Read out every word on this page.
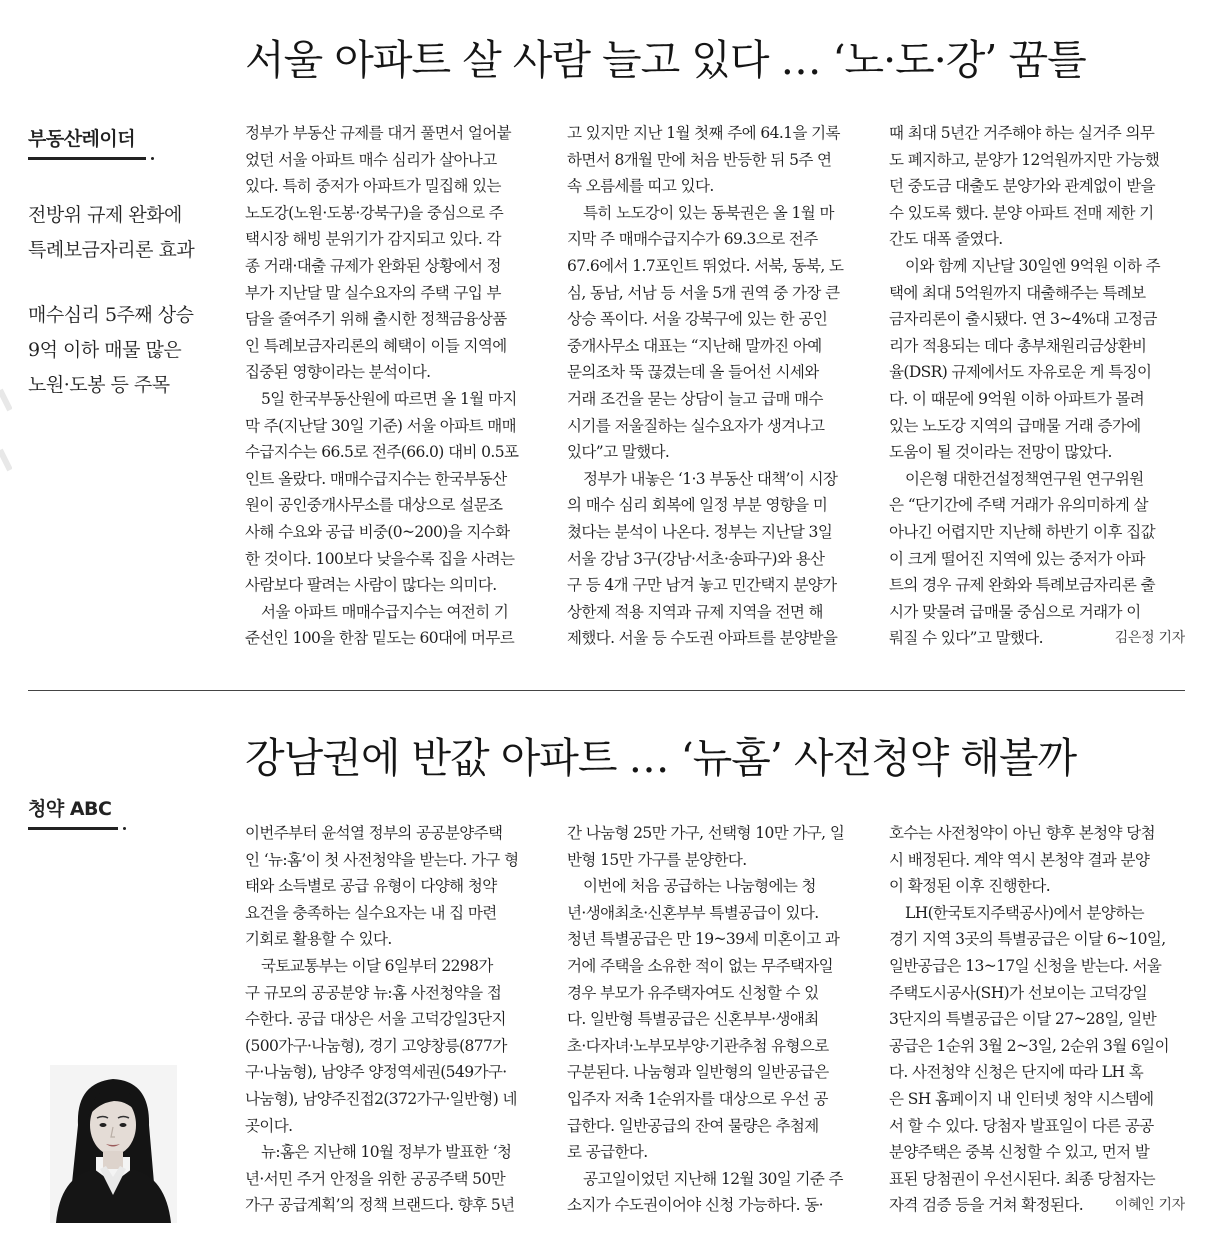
서울 아파트 살 사람 늘고 있다 … ‘노·도·강’ 꿈틀
부동산레이더
전방위 규제 완화에
특례보금자리론 효과
매수심리 5주째 상승
9억 이하 매물 많은
노원·도봉 등 주목
정부가 부동산 규제를 대거 풀면서 얼어붙
었던 서울 아파트 매수 심리가 살아나고
있다. 특히 중저가 아파트가 밀집해 있는
노도강(노원·도봉·강북구)을 중심으로 주
택시장 해빙 분위기가 감지되고 있다. 각
종 거래·대출 규제가 완화된 상황에서 정
부가 지난달 말 실수요자의 주택 구입 부
담을 줄여주기 위해 출시한 정책금융상품
인 특례보금자리론의 혜택이 이들 지역에
집중된 영향이라는 분석이다.
5일 한국부동산원에 따르면 올 1월 마지
막 주(지난달 30일 기준) 서울 아파트 매매
수급지수는 66.5로 전주(66.0) 대비 0.5포
인트 올랐다. 매매수급지수는 한국부동산
원이 공인중개사무소를 대상으로 설문조
사해 수요와 공급 비중(0~200)을 지수화
한 것이다. 100보다 낮을수록 집을 사려는
사람보다 팔려는 사람이 많다는 의미다.
서울 아파트 매매수급지수는 여전히 기
준선인 100을 한참 밑도는 60대에 머무르
고 있지만 지난 1월 첫째 주에 64.1을 기록
하면서 8개월 만에 처음 반등한 뒤 5주 연
속 오름세를 띠고 있다.
특히 노도강이 있는 동북권은 올 1월 마
지막 주 매매수급지수가 69.3으로 전주
67.6에서 1.7포인트 뛰었다. 서북, 동북, 도
심, 동남, 서남 등 서울 5개 권역 중 가장 큰
상승 폭이다. 서울 강북구에 있는 한 공인
중개사무소 대표는 “지난해 말까진 아예
문의조차 뚝 끊겼는데 올 들어선 시세와
거래 조건을 묻는 상담이 늘고 급매 매수
시기를 저울질하는 실수요자가 생겨나고
있다”고 말했다.
정부가 내놓은 ‘1·3 부동산 대책’이 시장
의 매수 심리 회복에 일정 부분 영향을 미
쳤다는 분석이 나온다. 정부는 지난달 3일
서울 강남 3구(강남·서초·송파구)와 용산
구 등 4개 구만 남겨 놓고 민간택지 분양가
상한제 적용 지역과 규제 지역을 전면 해
제했다. 서울 등 수도권 아파트를 분양받을
때 최대 5년간 거주해야 하는 실거주 의무
도 폐지하고, 분양가 12억원까지만 가능했
던 중도금 대출도 분양가와 관계없이 받을
수 있도록 했다. 분양 아파트 전매 제한 기
간도 대폭 줄였다.
이와 함께 지난달 30일엔 9억원 이하 주
택에 최대 5억원까지 대출해주는 특례보
금자리론이 출시됐다. 연 3~4%대 고정금
리가 적용되는 데다 총부채원리금상환비
율(DSR) 규제에서도 자유로운 게 특징이
다. 이 때문에 9억원 이하 아파트가 몰려
있는 노도강 지역의 급매물 거래 증가에
도움이 될 것이라는 전망이 많았다.
이은형 대한건설정책연구원 연구위원
은 “단기간에 주택 거래가 유의미하게 살
아나긴 어렵지만 지난해 하반기 이후 집값
이 크게 떨어진 지역에 있는 중저가 아파
트의 경우 규제 완화와 특례보금자리론 출
시가 맞물려 급매물 중심으로 거래가 이
뤄질 수 있다”고 말했다.	김은정 기자
강남권에 반값 아파트 … ‘뉴홈’ 사전청약 해볼까
청약 ABC
이번주부터 윤석열 정부의 공공분양주택
인 ‘뉴:홈’이 첫 사전청약을 받는다. 가구 형
태와 소득별로 공급 유형이 다양해 청약
요건을 충족하는 실수요자는 내 집 마련
기회로 활용할 수 있다.
국토교통부는 이달 6일부터 2298가
구 규모의 공공분양 뉴:홈 사전청약을 접
수한다. 공급 대상은 서울 고덕강일3단지
(500가구·나눔형), 경기 고양창릉(877가
구·나눔형), 남양주 양정역세권(549가구·
나눔형), 남양주진접2(372가구·일반형) 네
곳이다.
뉴:홈은 지난해 10월 정부가 발표한 ‘청
년·서민 주거 안정을 위한 공공주택 50만
가구 공급계획’의 정책 브랜드다. 향후 5년
간 나눔형 25만 가구, 선택형 10만 가구, 일
반형 15만 가구를 분양한다.
이번에 처음 공급하는 나눔형에는 청
년·생애최초·신혼부부 특별공급이 있다.
청년 특별공급은 만 19~39세 미혼이고 과
거에 주택을 소유한 적이 없는 무주택자일
경우 부모가 유주택자여도 신청할 수 있
다. 일반형 특별공급은 신혼부부·생애최
초·다자녀·노부모부양·기관추첨 유형으로
구분된다. 나눔형과 일반형의 일반공급은
입주자 저축 1순위자를 대상으로 우선 공
급한다. 일반공급의 잔여 물량은 추첨제
로 공급한다.
공고일이었던 지난해 12월 30일 기준 주
소지가 수도권이어야 신청 가능하다. 동·
호수는 사전청약이 아닌 향후 본청약 당첨
시 배정된다. 계약 역시 본청약 결과 분양
이 확정된 이후 진행한다.
LH(한국토지주택공사)에서 분양하는
경기 지역 3곳의 특별공급은 이달 6~10일,
일반공급은 13~17일 신청을 받는다. 서울
주택도시공사(SH)가 선보이는 고덕강일
3단지의 특별공급은 이달 27~28일, 일반
공급은 1순위 3월 2~3일, 2순위 3월 6일이
다. 사전청약 신청은 단지에 따라 LH 혹
은 SH 홈페이지 내 인터넷 청약 시스템에
서 할 수 있다. 당첨자 발표일이 다른 공공
분양주택은 중복 신청할 수 있고, 먼저 발
표된 당첨권이 우선시된다. 최종 당첨자는
자격 검증 등을 거쳐 확정된다. 이혜인 기자
